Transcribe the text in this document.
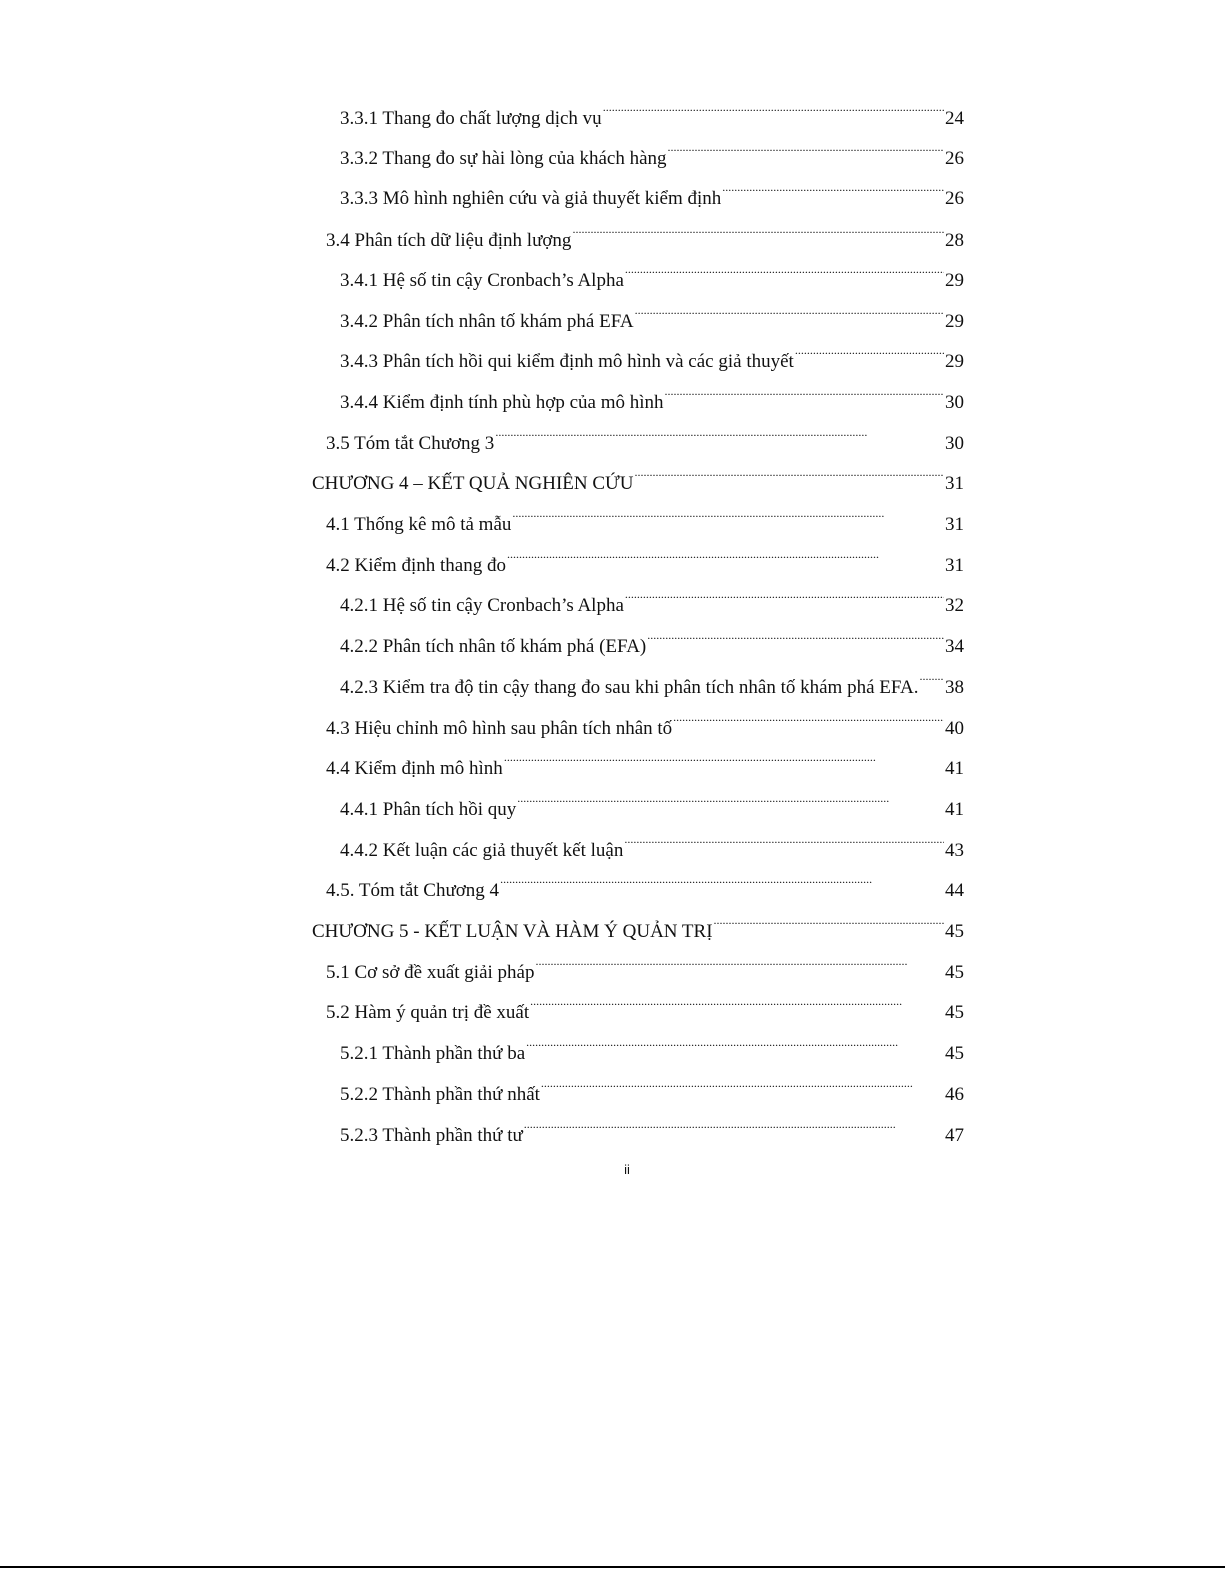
3.3.1 Thang đo chất lượng dịch vụ . . .	24
3.3.2 Thang đo sự hài lòng của khách hàng . . .	26
3.3.3 Mô hình nghiên cứu và giả thuyết kiểm định . . .	26
3.4 Phân tích dữ liệu định lượng . . .	28
3.4.1 Hệ số tin cậy Cronbach’s Alpha . . .	29
3.4.2 Phân tích nhân tố khám phá EFA . . .	29
3.4.3 Phân tích hồi qui kiểm định mô hình và các giả thuyết . . .	29
3.4.4 Kiểm định tính phù hợp của mô hình . . .	30
3.5 Tóm tắt Chương 3 . . .	30
CHƯƠNG 4 – KẾT QUẢ NGHIÊN CỨU . . .	31
4.1 Thống kê mô tả mẫu . . .	31
4.2 Kiểm định thang đo . . .	31
4.2.1 Hệ số tin cậy Cronbach’s Alpha . . .	32
4.2.2 Phân tích nhân tố khám phá (EFA) . . .	34
4.2.3 Kiểm tra độ tin cậy thang đo sau khi phân tích nhân tố khám phá EFA. . . . 38
4.3 Hiệu chỉnh mô hình sau phân tích nhân tố . . .	40
4.4 Kiểm định mô hình . . .	41
4.4.1 Phân tích hồi quy . . .	41
4.4.2 Kết luận các giả thuyết kết luận . . .	43
4.5. Tóm tắt Chương 4 . . .	44
CHƯƠNG 5 - KẾT LUẬN VÀ HÀM Ý QUẢN TRỊ . . .	45
5.1 Cơ sở đề xuất giải pháp . . .	45
5.2 Hàm ý quản trị đề xuất . . .	45
5.2.1 Thành phần thứ ba . . .	45
5.2.2 Thành phần thứ nhất . . .	46
5.2.3 Thành phần thứ tư . . .	47
ii
